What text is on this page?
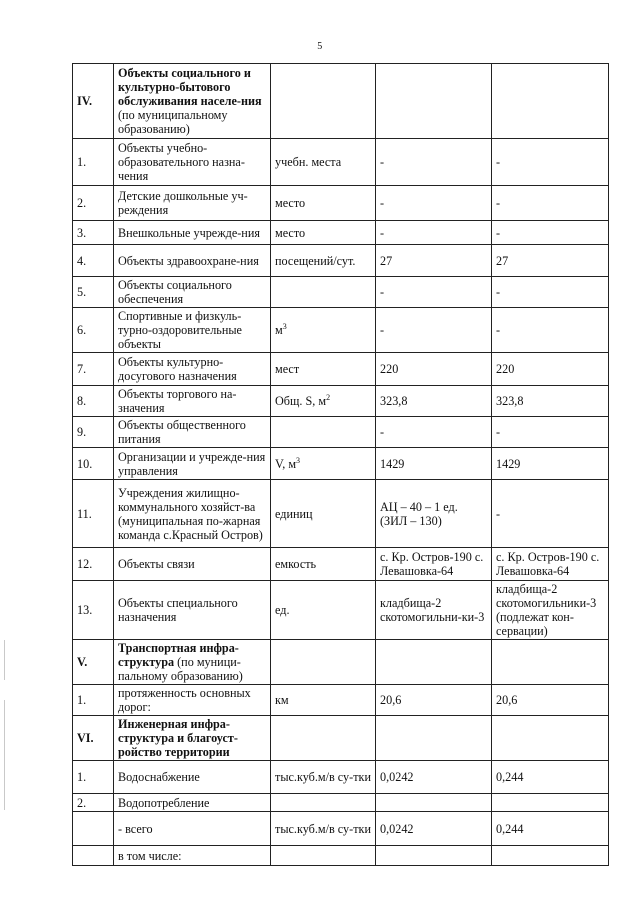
5
IV.	Объекты социального и культурно-бытового обслуживания населе-ния (по муниципальному образованию)			
1.	Объекты учебно-образовательного назна-чения	учебн. места	-	-
2.	Детские дошкольные уч-реждения	место	-	-
3.	Внешкольные учрежде-ния	место	-	-
4.	Объекты здравоохране-ния	посещений/сут.	27	27
5.	Объекты социального обеспечения		-	-
6.	Спортивные и физкуль-турно-оздоровительные объекты	$м^3$	-	-
7.	Объекты культурно-досугового назначения	мест	220	220
8.	Объекты торгового на-значения	Общ. S, $м^2$	323,8	323,8
9.	Объекты общественного питания		-	-
10.	Организации и учрежде-ния управления	V, $м^3$	1429	1429
11.	Учреждения жилищно-коммунального хозяйст-ва (муниципальная по-жарная команда с.Красный Остров)	единиц	АЦ – 40 – 1 ед. (ЗИЛ – 130)	-
12.	Объекты связи	емкость	с. Кр. Остров-190 с. Левашовка-64	с. Кр. Остров-190 с. Левашовка-64
13.	Объекты специального назначения	ед.	кладбища-2 скотомогильни-ки-3	кладбища-2 скотомогильники-3 (подлежат кон-сервации)
V.	Транспортная инфра-структура (по муници-пальному образованию)			
1.	протяженность основных дорог:	км	20,6	20,6
VI.	Инженерная инфра-структура и благоуст-ройство территории			
1.	Водоснабжение	тыс.куб.м/в су-тки	0,0242	0,244
2.	Водопотребление			
	- всего	тыс.куб.м/в су-тки	0,0242	0,244
	в том числе:			
